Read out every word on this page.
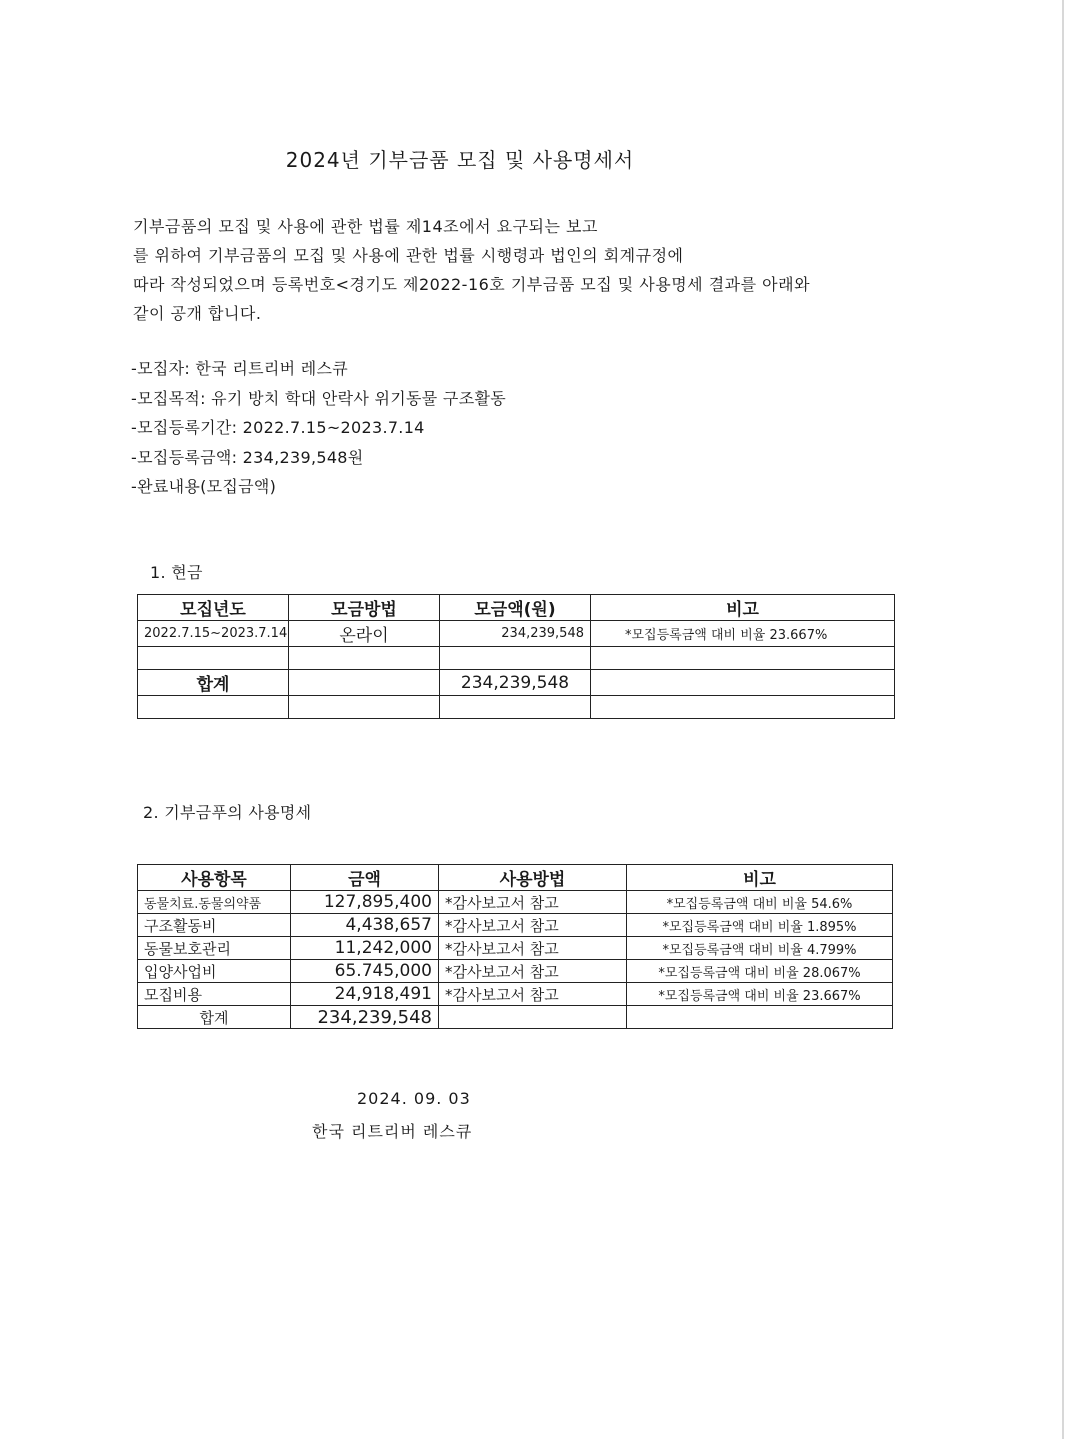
2024년 기부금품 모집 및 사용명세서
기부금품의 모집 및 사용에 관한 법률 제14조에서 요구되는 보고
를 위하여 기부금품의 모집 및 사용에 관한 법률 시행령과 법인의 회계규정에
따라 작성되었으며 등록번호<경기도 제2022-16호 기부금품 모집 및 사용명세 결과를 아래와
같이 공개 합니다.
-모집자: 한국 리트리버 레스큐
-모집목적: 유기 방치 학대 안락사 위기동물 구조활동
-모집등록기간: 2022.7.15~2023.7.14
-모집등록금액: 234,239,548원
-완료내용(모집금액)
1. 현금
모집년도	모금방법	모금액(원)	비고
2022.7.15~2023.7.14	온라이	234,239,548	*모집등록금액 대비 비율 23.667%

합계		234,239,548	

2. 기부금푸의 사용명세
사용항목	금액	사용방법	비고
동물치료.동물의약품	127,895,400	*감사보고서 참고	*모집등록금액 대비 비율 54.6%
구조활동비	4,438,657	*감사보고서 참고	*모집등록금액 대비 비율 1.895%
동물보호관리	11,242,000	*감사보고서 참고	*모집등록금액 대비 비율 4.799%
입양사업비	65.745,000	*감사보고서 참고	*모집등록금액 대비 비율 28.067%
모집비용	24,918,491	*감사보고서 참고	*모집등록금액 대비 비율 23.667%
합계	234,239,548		
2024. 09. 03
한국 리트리버 레스큐
